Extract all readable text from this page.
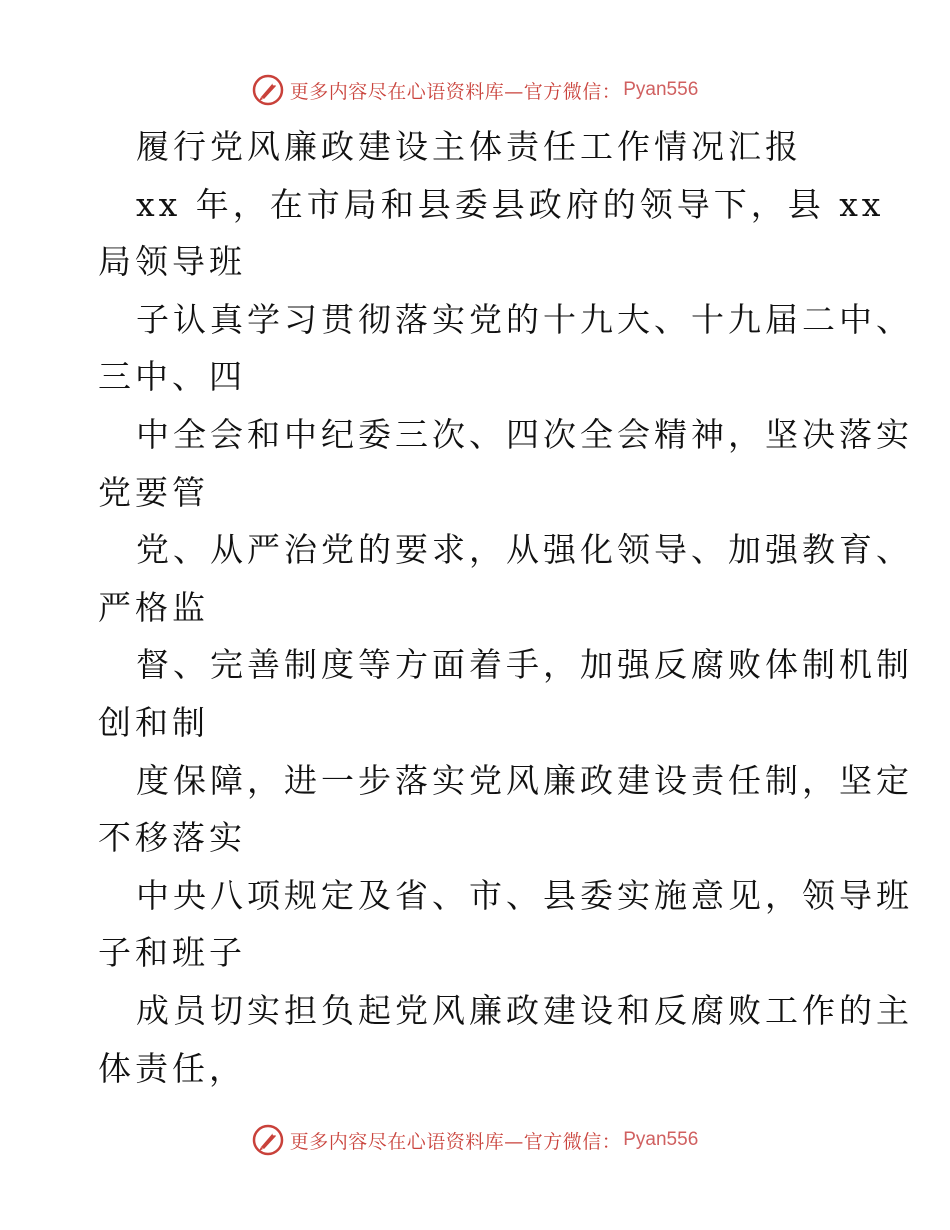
更多内容尽在心语资料库—官方微信： Pyan556
履行党风廉政建设主体责任工作情况汇报
xx 年，在市局和县委县政府的领导下，县 xx
局领导班
子认真学习贯彻落实党的十九大、十九届二中、
三中、四
中全会和中纪委三次、四次全会精神，坚决落实
党要管
党、从严治党的要求，从强化领导、加强教育、
严格监
督、完善制度等方面着手，加强反腐败体制机制
创和制
度保障，进一步落实党风廉政建设责任制，坚定
不移落实
中央八项规定及省、市、县委实施意见，领导班
子和班子
成员切实担负起党风廉政建设和反腐败工作的主
体责任，
更多内容尽在心语资料库—官方微信： Pyan556
